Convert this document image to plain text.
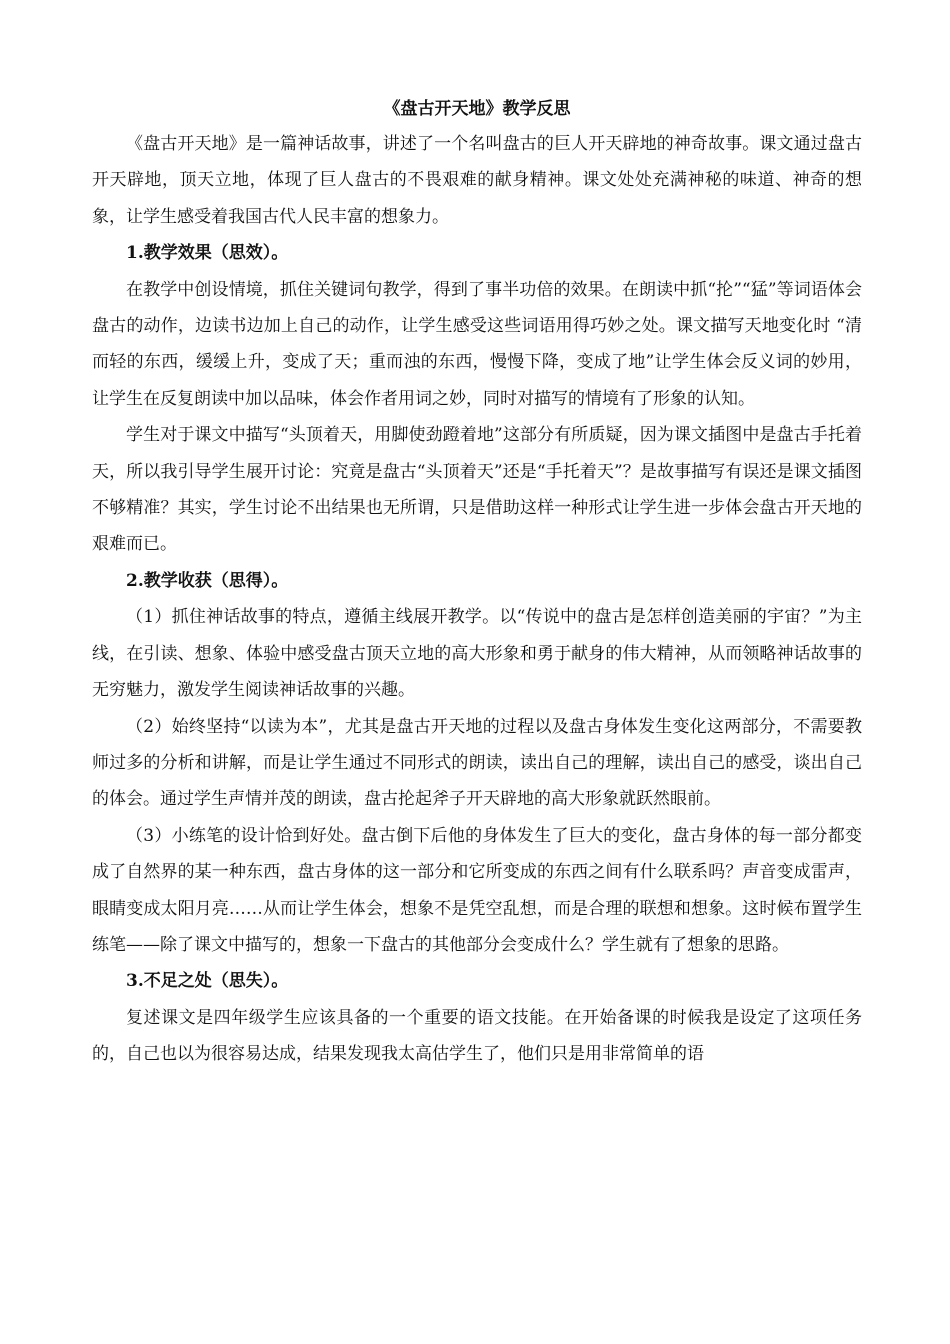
《盘古开天地》教学反思

《盘古开天地》是一篇神话故事，讲述了一个名叫盘古的巨人开天辟地的神奇故事。课文通过盘古开天辟地，顶天立地，体现了巨人盘古的不畏艰难的献身精神。课文处处充满神秘的味道、神奇的想象，让学生感受着我国古代人民丰富的想象力。

1.教学效果（思效）。

在教学中创设情境，抓住关键词句教学，得到了事半功倍的效果。在朗读中抓“抡”“猛”等词语体会盘古的动作，边读书边加上自己的动作，让学生感受这些词语用得巧妙之处。课文描写天地变化时 “清而轻的东西，缓缓上升，变成了天；重而浊的东西，慢慢下降，变成了地”让学生体会反义词的妙用，让学生在反复朗读中加以品味，体会作者用词之妙，同时对描写的情境有了形象的认知。

学生对于课文中描写“头顶着天，用脚使劲蹬着地”这部分有所质疑，因为课文插图中是盘古手托着天，所以我引导学生展开讨论：究竟是盘古“头顶着天”还是“手托着天”？是故事描写有误还是课文插图不够精准？其实，学生讨论不出结果也无所谓，只是借助这样一种形式让学生进一步体会盘古开天地的艰难而已。

2.教学收获（思得）。

（1）抓住神话故事的特点，遵循主线展开教学。以“传说中的盘古是怎样创造美丽的宇宙？”为主线，在引读、想象、体验中感受盘古顶天立地的高大形象和勇于献身的伟大精神，从而领略神话故事的无穷魅力，激发学生阅读神话故事的兴趣。

（2）始终坚持“以读为本”，尤其是盘古开天地的过程以及盘古身体发生变化这两部分，不需要教师过多的分析和讲解，而是让学生通过不同形式的朗读，读出自己的理解，读出自己的感受，谈出自己的体会。通过学生声情并茂的朗读，盘古抡起斧子开天辟地的高大形象就跃然眼前。

（3）小练笔的设计恰到好处。盘古倒下后他的身体发生了巨大的变化，盘古身体的每一部分都变成了自然界的某一种东西，盘古身体的这一部分和它所变成的东西之间有什么联系吗？声音变成雷声，眼睛变成太阳月亮……从而让学生体会，想象不是凭空乱想，而是合理的联想和想象。这时候布置学生练笔——除了课文中描写的，想象一下盘古的其他部分会变成什么？学生就有了想象的思路。

3.不足之处（思失）。

复述课文是四年级学生应该具备的一个重要的语文技能。在开始备课的时候我是设定了这项任务的，自己也以为很容易达成，结果发现我太高估学生了，他们只是用非常简单的语
